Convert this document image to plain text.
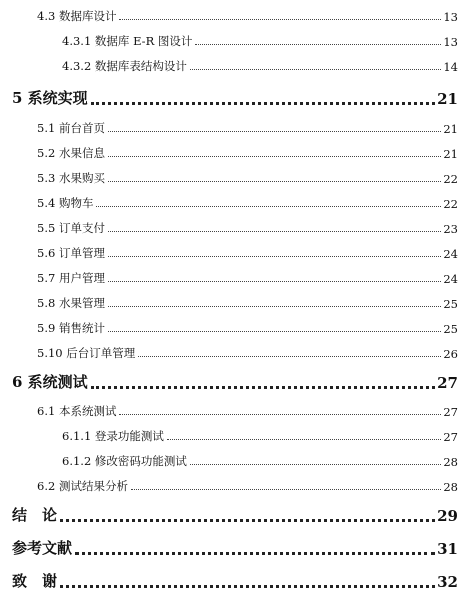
4.3 数据库设计	13
4.3.1 数据库 E-R 图设计	13
4.3.2 数据库表结构设计	14
5 系统实现	21
5.1 前台首页	21
5.2 水果信息	21
5.3 水果购买	22
5.4 购物车	22
5.5 订单支付	23
5.6 订单管理	24
5.7 用户管理	24
5.8 水果管理	25
5.9 销售统计	25
5.10 后台订单管理	26
6 系统测试	27
6.1 本系统测试	27
6.1.1 登录功能测试	27
6.1.2 修改密码功能测试	28
6.2 测试结果分析	28
结　论	29
参考文献	31
致　谢	32
